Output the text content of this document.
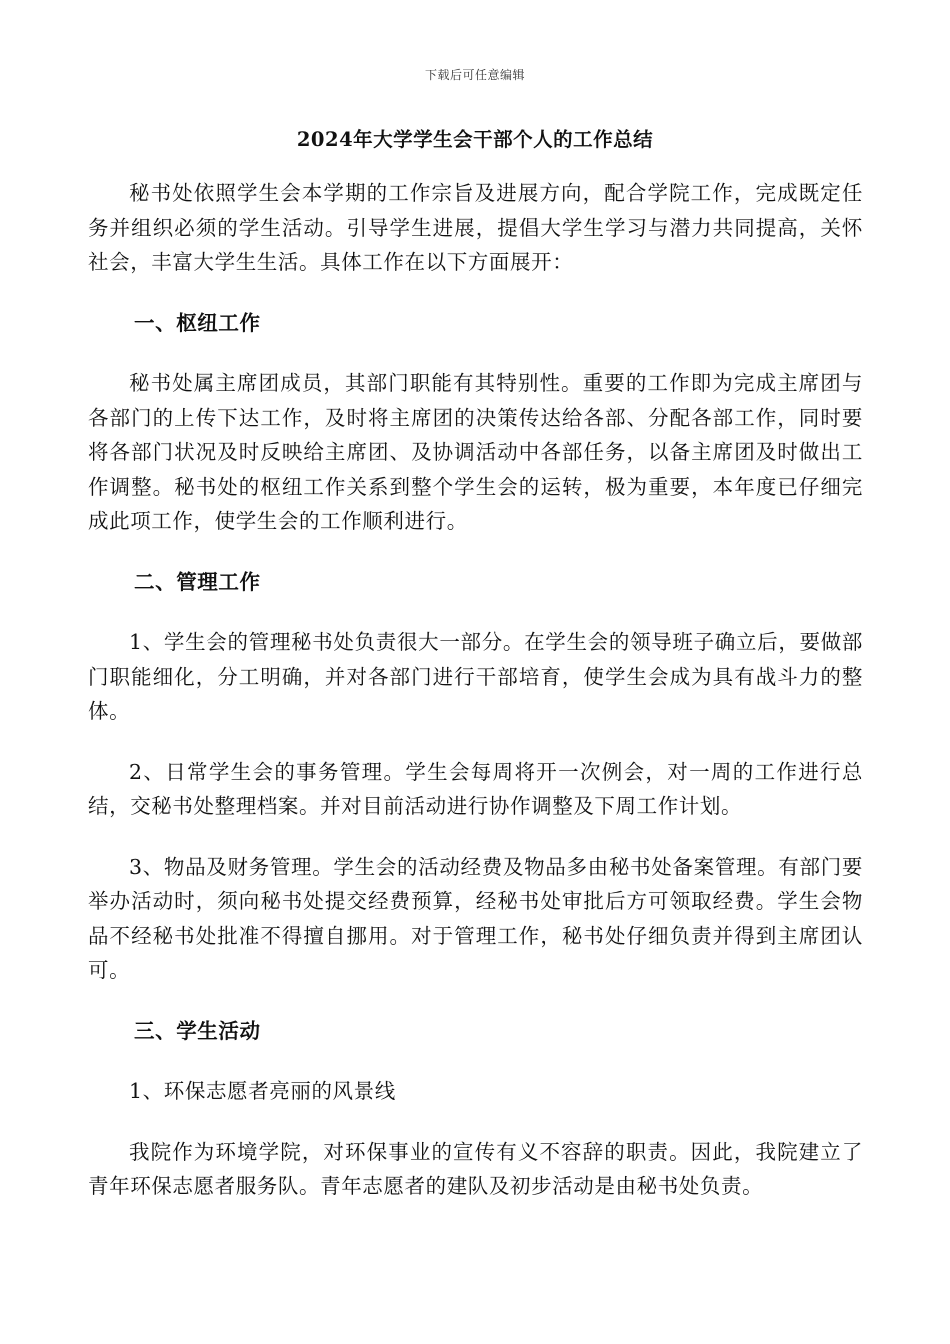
下载后可任意编辑
2024年大学学生会干部个人的工作总结

秘书处依照学生会本学期的工作宗旨及进展方向，配合学院工作，完成既定任务并组织必须的学生活动。引导学生进展，提倡大学生学习与潜力共同提高，关怀社会，丰富大学生生活。具体工作在以下方面展开：

一、枢纽工作

秘书处属主席团成员，其部门职能有其特别性。重要的工作即为完成主席团与各部门的上传下达工作，及时将主席团的决策传达给各部、分配各部工作，同时要将各部门状况及时反映给主席团、及协调活动中各部任务，以备主席团及时做出工作调整。秘书处的枢纽工作关系到整个学生会的运转，极为重要，本年度已仔细完成此项工作，使学生会的工作顺利进行。

二、管理工作

1、学生会的管理秘书处负责很大一部分。在学生会的领导班子确立后，要做部门职能细化，分工明确，并对各部门进行干部培育，使学生会成为具有战斗力的整体。

2、日常学生会的事务管理。学生会每周将开一次例会，对一周的工作进行总结，交秘书处整理档案。并对目前活动进行协作调整及下周工作计划。

3、物品及财务管理。学生会的活动经费及物品多由秘书处备案管理。有部门要举办活动时，须向秘书处提交经费预算，经秘书处审批后方可领取经费。学生会物品不经秘书处批准不得擅自挪用。对于管理工作，秘书处仔细负责并得到主席团认可。

三、学生活动

1、环保志愿者亮丽的风景线

我院作为环境学院，对环保事业的宣传有义不容辞的职责。因此，我院建立了青年环保志愿者服务队。青年志愿者的建队及初步活动是由秘书处负责。
